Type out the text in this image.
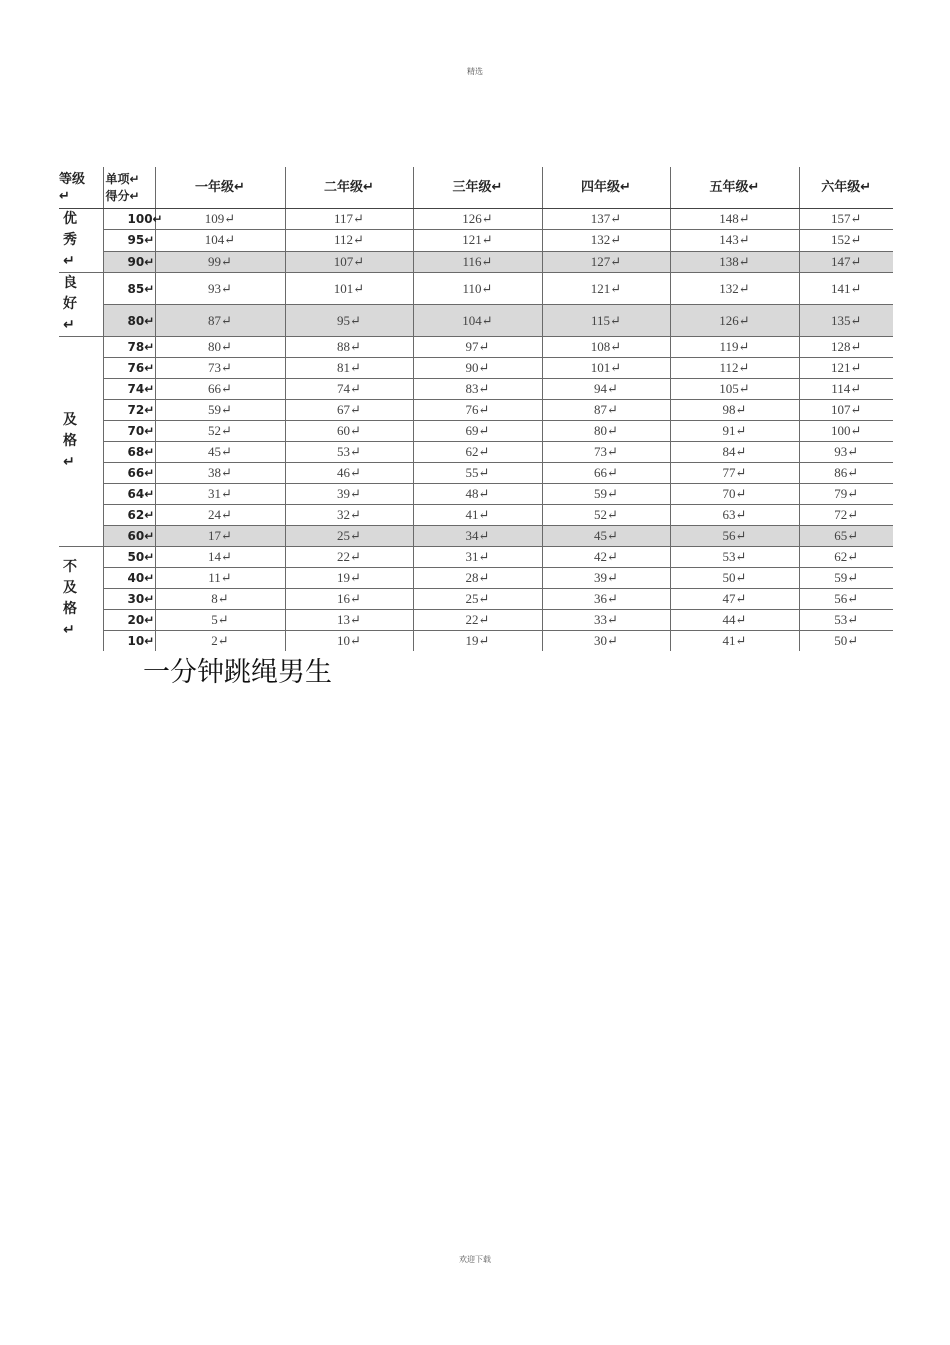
精选
等级↵	单项↵得分↵	一年级↵	二年级↵	三年级↵	四年级↵	五年级↵	六年级↵
优秀↵	100↵	109↵	117↵	126↵	137↵	148↵	157↵
	95↵	104↵	112↵	121↵	132↵	143↵	152↵
	90↵	99↵	107↵	116↵	127↵	138↵	147↵
良好↵	85↵	93↵	101↵	110↵	121↵	132↵	141↵
	80↵	87↵	95↵	104↵	115↵	126↵	135↵
及格↵	78↵	80↵	88↵	97↵	108↵	119↵	128↵
	76↵	73↵	81↵	90↵	101↵	112↵	121↵
	74↵	66↵	74↵	83↵	94↵	105↵	114↵
	72↵	59↵	67↵	76↵	87↵	98↵	107↵
	70↵	52↵	60↵	69↵	80↵	91↵	100↵
	68↵	45↵	53↵	62↵	73↵	84↵	93↵
	66↵	38↵	46↵	55↵	66↵	77↵	86↵
	64↵	31↵	39↵	48↵	59↵	70↵	79↵
	62↵	24↵	32↵	41↵	52↵	63↵	72↵
	60↵	17↵	25↵	34↵	45↵	56↵	65↵
不及格↵	50↵	14↵	22↵	31↵	42↵	53↵	62↵
	40↵	11↵	19↵	28↵	39↵	50↵	59↵
	30↵	8↵	16↵	25↵	36↵	47↵	56↵
	20↵	5↵	13↵	22↵	33↵	44↵	53↵
	10↵	2↵	10↵	19↵	30↵	41↵	50↵
一分钟跳绳男生
欢迎下载
